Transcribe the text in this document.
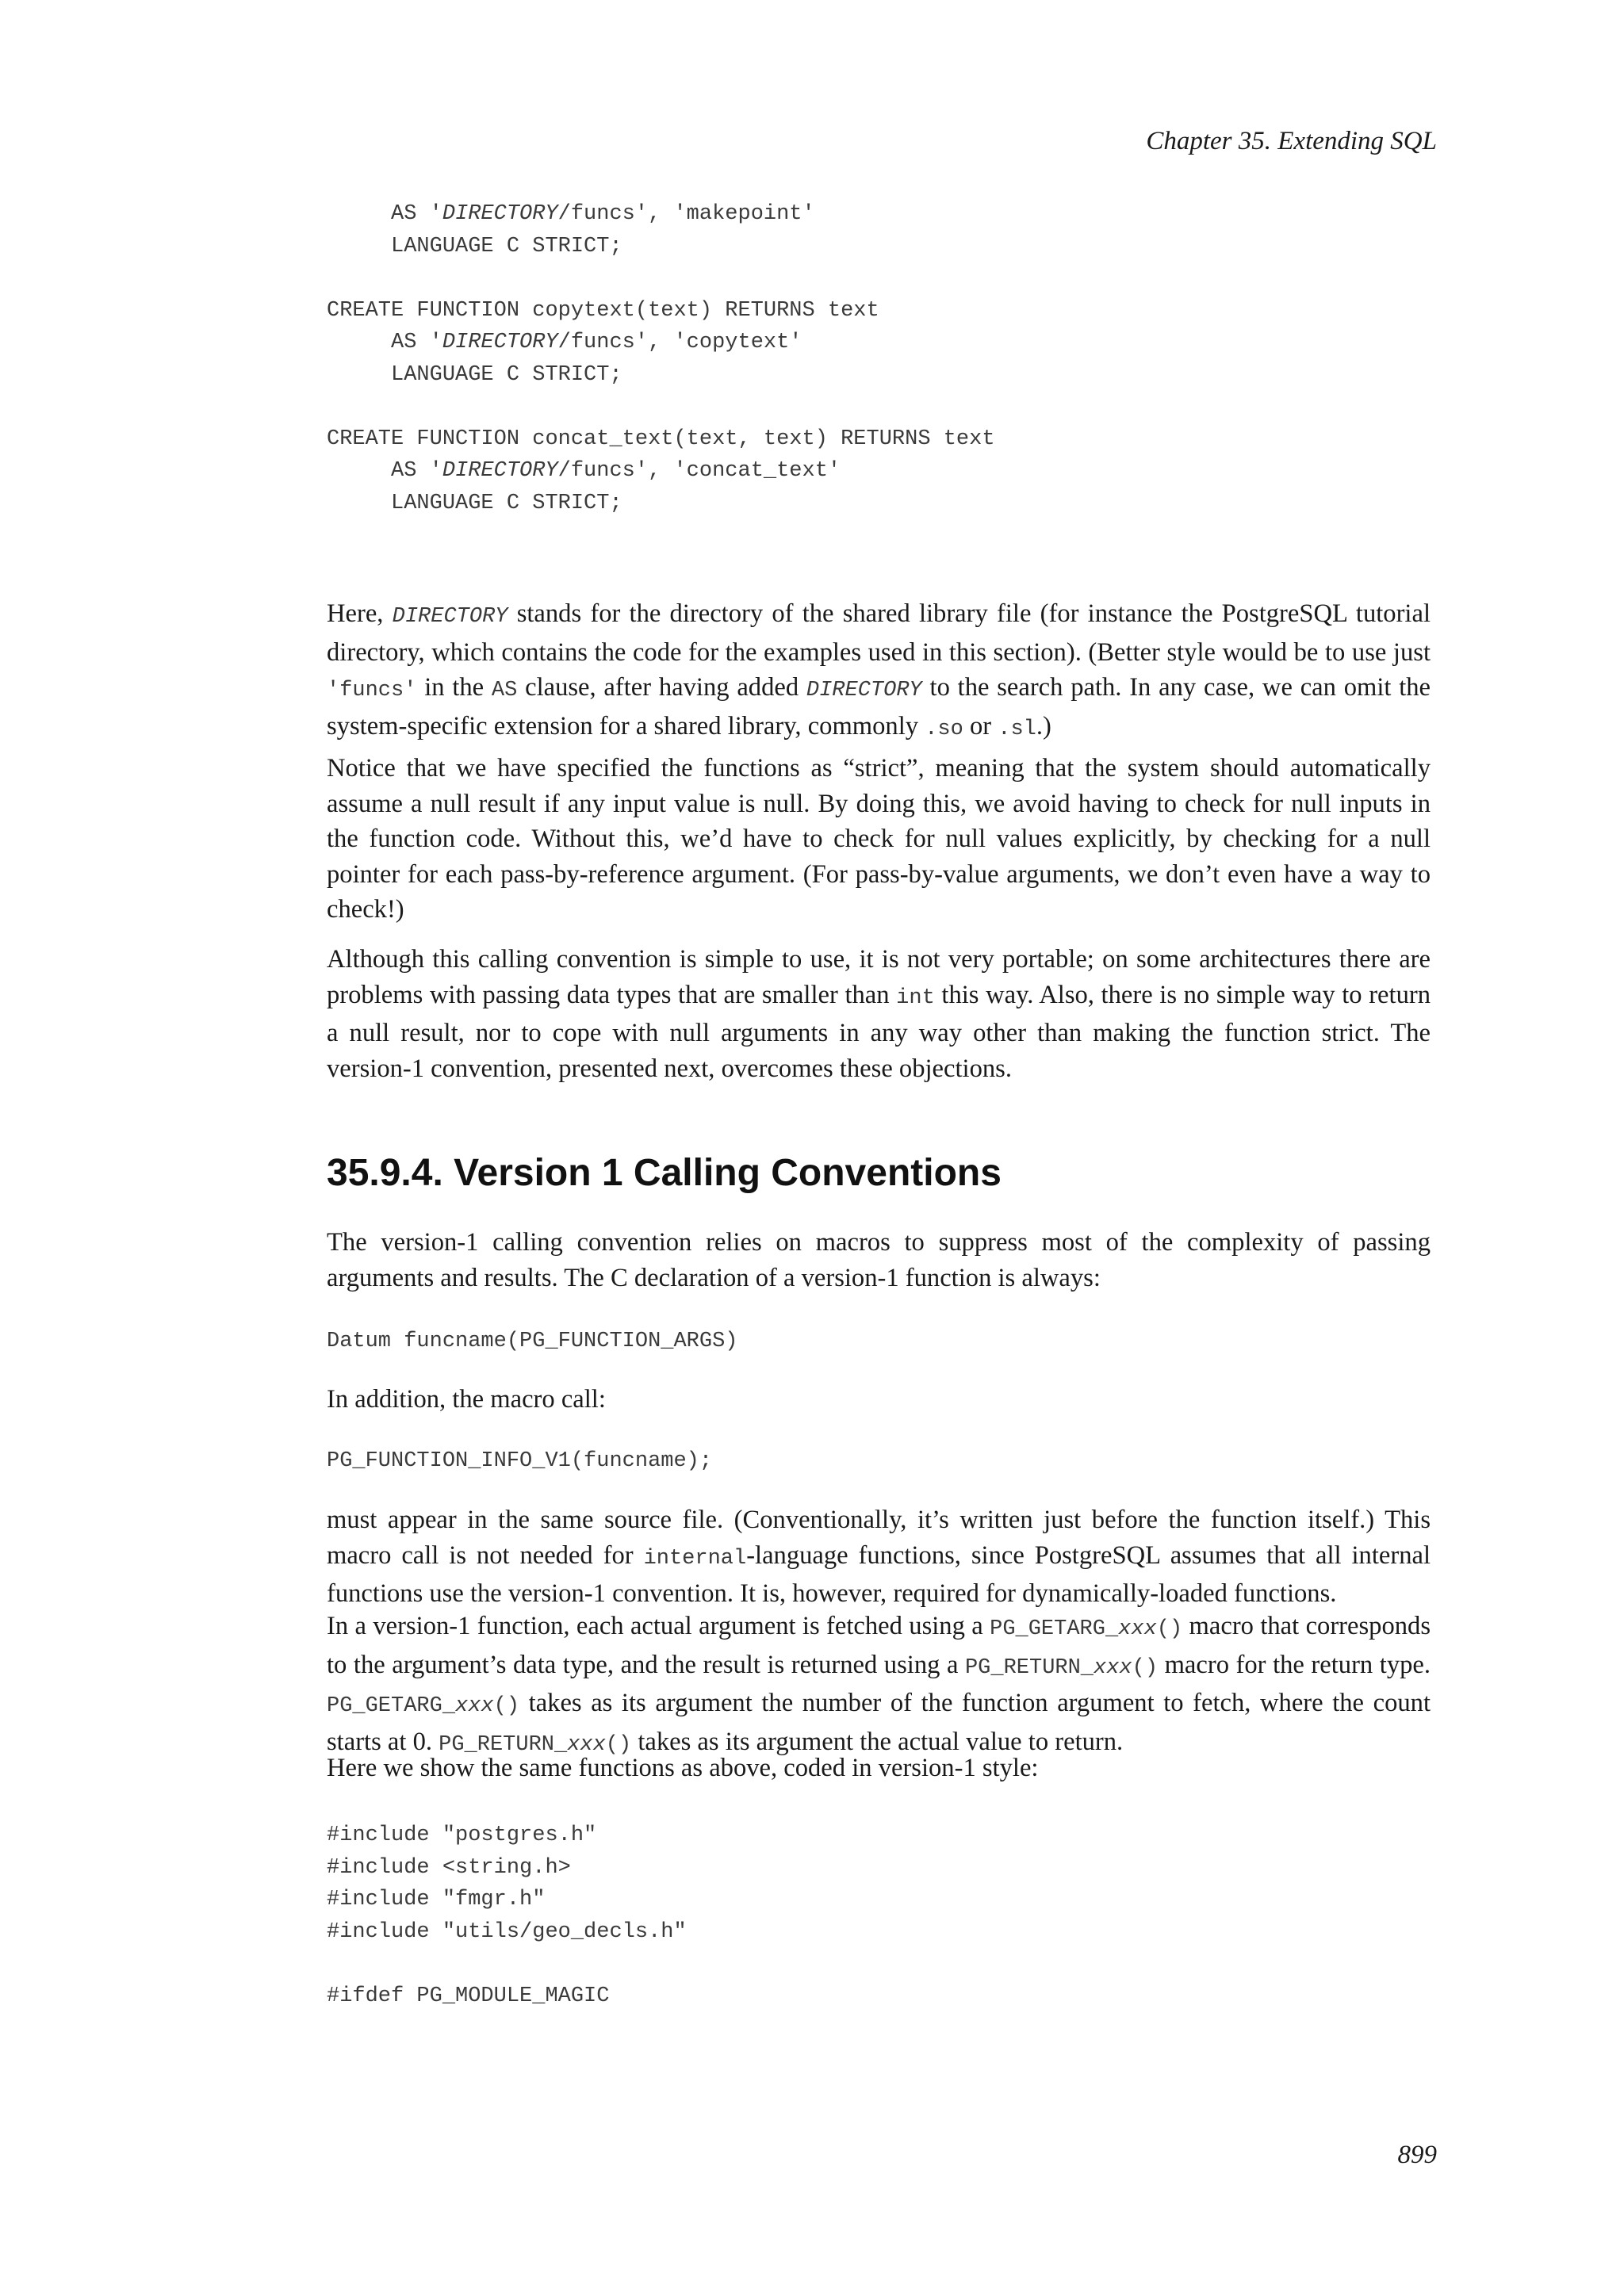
Chapter 35. Extending SQL
AS 'DIRECTORY/funcs', 'makepoint'
LANGUAGE C STRICT;

CREATE FUNCTION copytext(text) RETURNS text
AS 'DIRECTORY/funcs', 'copytext'
LANGUAGE C STRICT;

CREATE FUNCTION concat_text(text, text) RETURNS text
AS 'DIRECTORY/funcs', 'concat_text'
LANGUAGE C STRICT;

Here, DIRECTORY stands for the directory of the shared library file (for instance the PostgreSQL tutorial directory, which contains the code for the examples used in this section). (Better style would be to use just 'funcs' in the AS clause, after having added DIRECTORY to the search path. In any case, we can omit the system-specific extension for a shared library, commonly .so or .sl.)

Notice that we have specified the functions as “strict”, meaning that the system should automatically assume a null result if any input value is null. By doing this, we avoid having to check for null inputs in the function code. Without this, we’d have to check for null values explicitly, by checking for a null pointer for each pass-by-reference argument. (For pass-by-value arguments, we don’t even have a way to check!)

Although this calling convention is simple to use, it is not very portable; on some architectures there are problems with passing data types that are smaller than int this way. Also, there is no simple way to return a null result, nor to cope with null arguments in any way other than making the function strict. The version-1 convention, presented next, overcomes these objections.

35.9.4. Version 1 Calling Conventions

The version-1 calling convention relies on macros to suppress most of the complexity of passing arguments and results. The C declaration of a version-1 function is always:

Datum funcname(PG_FUNCTION_ARGS)

In addition, the macro call:

PG_FUNCTION_INFO_V1(funcname);

must appear in the same source file. (Conventionally, it’s written just before the function itself.) This macro call is not needed for internal-language functions, since PostgreSQL assumes that all internal functions use the version-1 convention. It is, however, required for dynamically-loaded functions.

In a version-1 function, each actual argument is fetched using a PG_GETARG_xxx() macro that corresponds to the argument’s data type, and the result is returned using a PG_RETURN_xxx() macro for the return type. PG_GETARG_xxx() takes as its argument the number of the function argument to fetch, where the count starts at 0. PG_RETURN_xxx() takes as its argument the actual value to return.

Here we show the same functions as above, coded in version-1 style:

#include "postgres.h"
#include <string.h>
#include "fmgr.h"
#include "utils/geo_decls.h"

#ifdef PG_MODULE_MAGIC
899
